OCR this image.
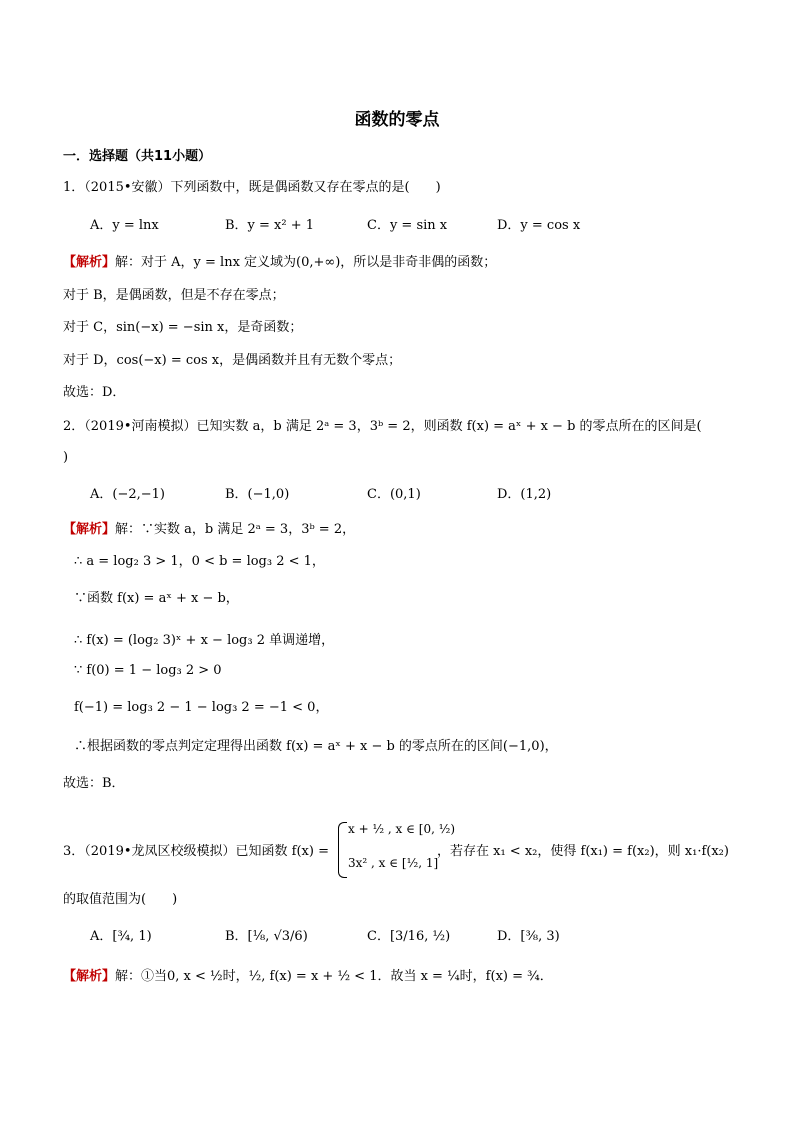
函数的零点
一．选择题（共11小题）
1．（2015•安徽）下列函数中，既是偶函数又存在零点的是(　　)
A．y = lnx	B．y = x² + 1	C．y = sin x	D．y = cos x
【解析】解：对于 A，y = lnx 定义域为(0,+∞)，所以是非奇非偶的函数；
对于 B，是偶函数，但是不存在零点；
对于 C，sin(−x) = −sin x，是奇函数；
对于 D，cos(−x) = cos x，是偶函数并且有无数个零点；
故选：D．
2．（2019•河南模拟）已知实数 a，b 满足 2ᵃ = 3，3ᵇ = 2，则函数 f(x) = aˣ + x − b 的零点所在的区间是(
)
A．(−2,−1)	B．(−1,0)	C．(0,1)	D．(1,2)
【解析】解：∵实数 a，b 满足 2ᵃ = 3，3ᵇ = 2，
∴ a = log₂ 3 > 1，0 < b = log₃ 2 < 1，
∵函数 f(x) = aˣ + x − b，
∴ f(x) = (log₂ 3)ˣ + x − log₃ 2 单调递增，
∵ f(0) = 1 − log₃ 2 > 0
f(−1) = log₃ 2 − 1 − log₃ 2 = −1 < 0，
∴根据函数的零点判定定理得出函数 f(x) = aˣ + x − b 的零点所在的区间(−1,0)，
故选：B．
3．（2019•龙凤区校级模拟）已知函数 f(x) =
x + ½ , x ∈ [0, ½)
3x² , x ∈ [½, 1]
，若存在 x₁ < x₂，使得 f(x₁) = f(x₂)，则 x₁·f(x₂)
的取值范围为(　　)
A．[¾, 1)	B．[⅛, √3/6)	C．[3/16, ½)	D．[⅜, 3)
【解析】解：①当0, x < ½时，½, f(x) = x + ½ < 1．故当 x = ¼时，f(x) = ¾．
